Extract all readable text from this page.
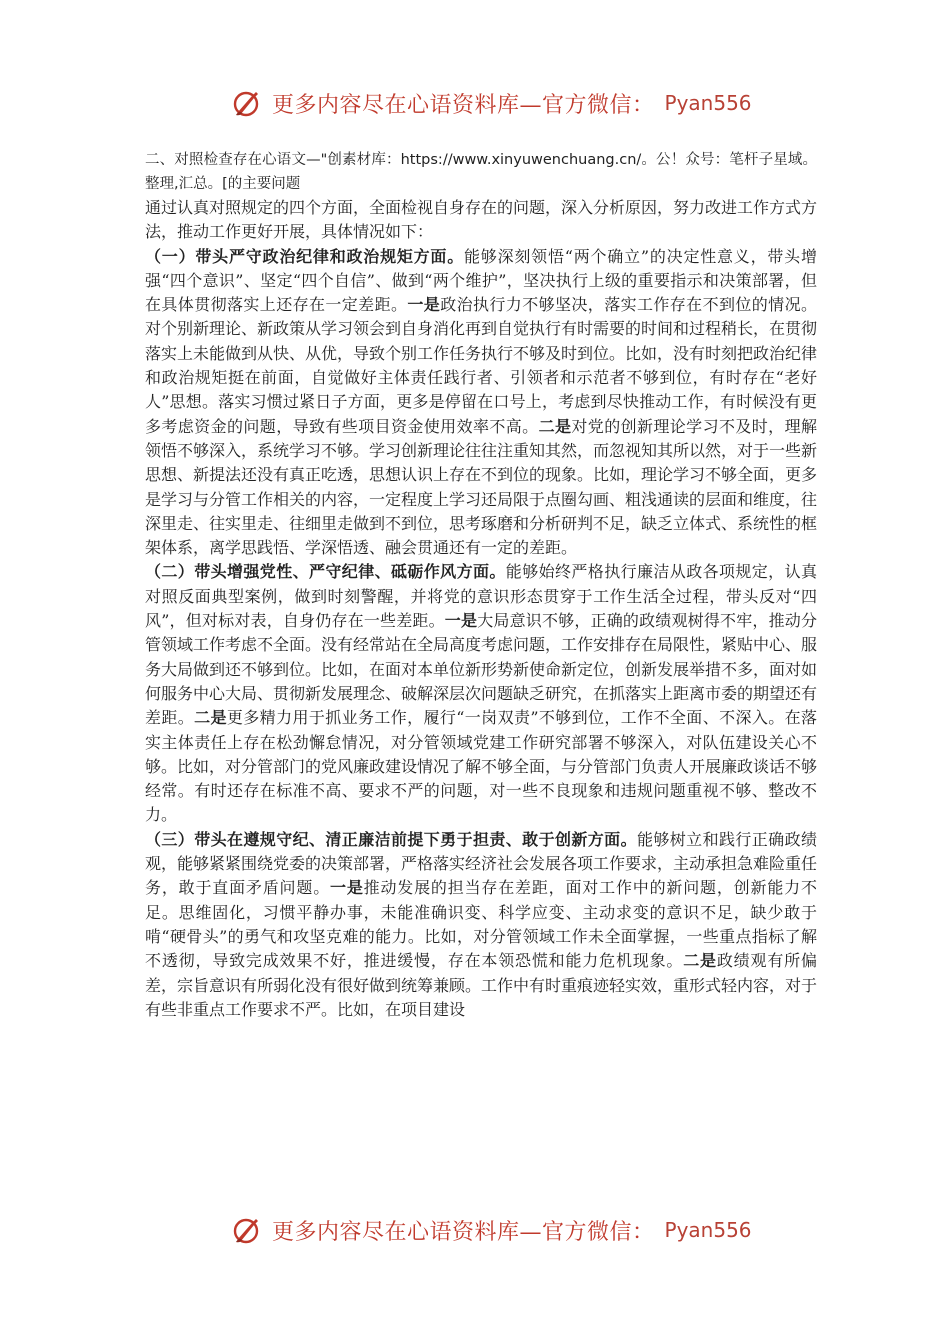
更多内容尽在心语资料库—官方微信： Pyan556

二、对照检查存在心语文—"创素材库：https://www.xinyuwenchuang.cn/。公！众号：笔杆子星域。整理,汇总。[的主要问题

通过认真对照规定的四个方面，全面检视自身存在的问题，深入分析原因，努力改进工作方式方法，推动工作更好开展，具体情况如下：

（一）带头严守政治纪律和政治规矩方面。能够深刻领悟“两个确立”的决定性意义，带头增强“四个意识”、坚定“四个自信”、做到“两个维护”，坚决执行上级的重要指示和决策部署，但在具体贯彻落实上还存在一定差距。一是政治执行力不够坚决，落实工作存在不到位的情况。对个别新理论、新政策从学习领会到自身消化再到自觉执行有时需要的时间和过程稍长，在贯彻落实上未能做到从快、从优，导致个别工作任务执行不够及时到位。比如，没有时刻把政治纪律和政治规矩挺在前面，自觉做好主体责任践行者、引领者和示范者不够到位，有时存在“老好人”思想。落实习惯过紧日子方面，更多是停留在口号上，考虑到尽快推动工作，有时候没有更多考虑资金的问题，导致有些项目资金使用效率不高。二是对党的创新理论学习不及时，理解领悟不够深入，系统学习不够。学习创新理论往往注重知其然，而忽视知其所以然，对于一些新思想、新提法还没有真正吃透，思想认识上存在不到位的现象。比如，理论学习不够全面，更多是学习与分管工作相关的内容，一定程度上学习还局限于点圈勾画、粗浅通读的层面和维度，往深里走、往实里走、往细里走做到不到位，思考琢磨和分析研判不足，缺乏立体式、系统性的框架体系，离学思践悟、学深悟透、融会贯通还有一定的差距。

（二）带头增强党性、严守纪律、砥砺作风方面。能够始终严格执行廉洁从政各项规定，认真对照反面典型案例，做到时刻警醒，并将党的意识形态贯穿于工作生活全过程，带头反对“四风”，但对标对表，自身仍存在一些差距。一是大局意识不够，正确的政绩观树得不牢，推动分管领域工作考虑不全面。没有经常站在全局高度考虑问题，工作安排存在局限性，紧贴中心、服务大局做到还不够到位。比如，在面对本单位新形势新使命新定位，创新发展举措不多，面对如何服务中心大局、贯彻新发展理念、破解深层次问题缺乏研究，在抓落实上距离市委的期望还有差距。二是更多精力用于抓业务工作，履行“一岗双责”不够到位，工作不全面、不深入。在落实主体责任上存在松劲懈怠情况，对分管领域党建工作研究部署不够深入，对队伍建设关心不够。比如，对分管部门的党风廉政建设情况了解不够全面，与分管部门负责人开展廉政谈话不够经常。有时还存在标准不高、要求不严的问题，对一些不良现象和违规问题重视不够、整改不力。

（三）带头在遵规守纪、清正廉洁前提下勇于担责、敢于创新方面。能够树立和践行正确政绩观，能够紧紧围绕党委的决策部署，严格落实经济社会发展各项工作要求，主动承担急难险重任务，敢于直面矛盾问题。一是推动发展的担当存在差距，面对工作中的新问题，创新能力不足。思维固化，习惯平静办事，未能准确识变、科学应变、主动求变的意识不足，缺少敢于啃“硬骨头”的勇气和攻坚克难的能力。比如，对分管领域工作未全面掌握，一些重点指标了解不透彻，导致完成效果不好，推进缓慢，存在本领恐慌和能力危机现象。二是政绩观有所偏差，宗旨意识有所弱化没有很好做到统筹兼顾。工作中有时重痕迹轻实效，重形式轻内容，对于有些非重点工作要求不严。比如，在项目建设

更多内容尽在心语资料库—官方微信： Pyan556
